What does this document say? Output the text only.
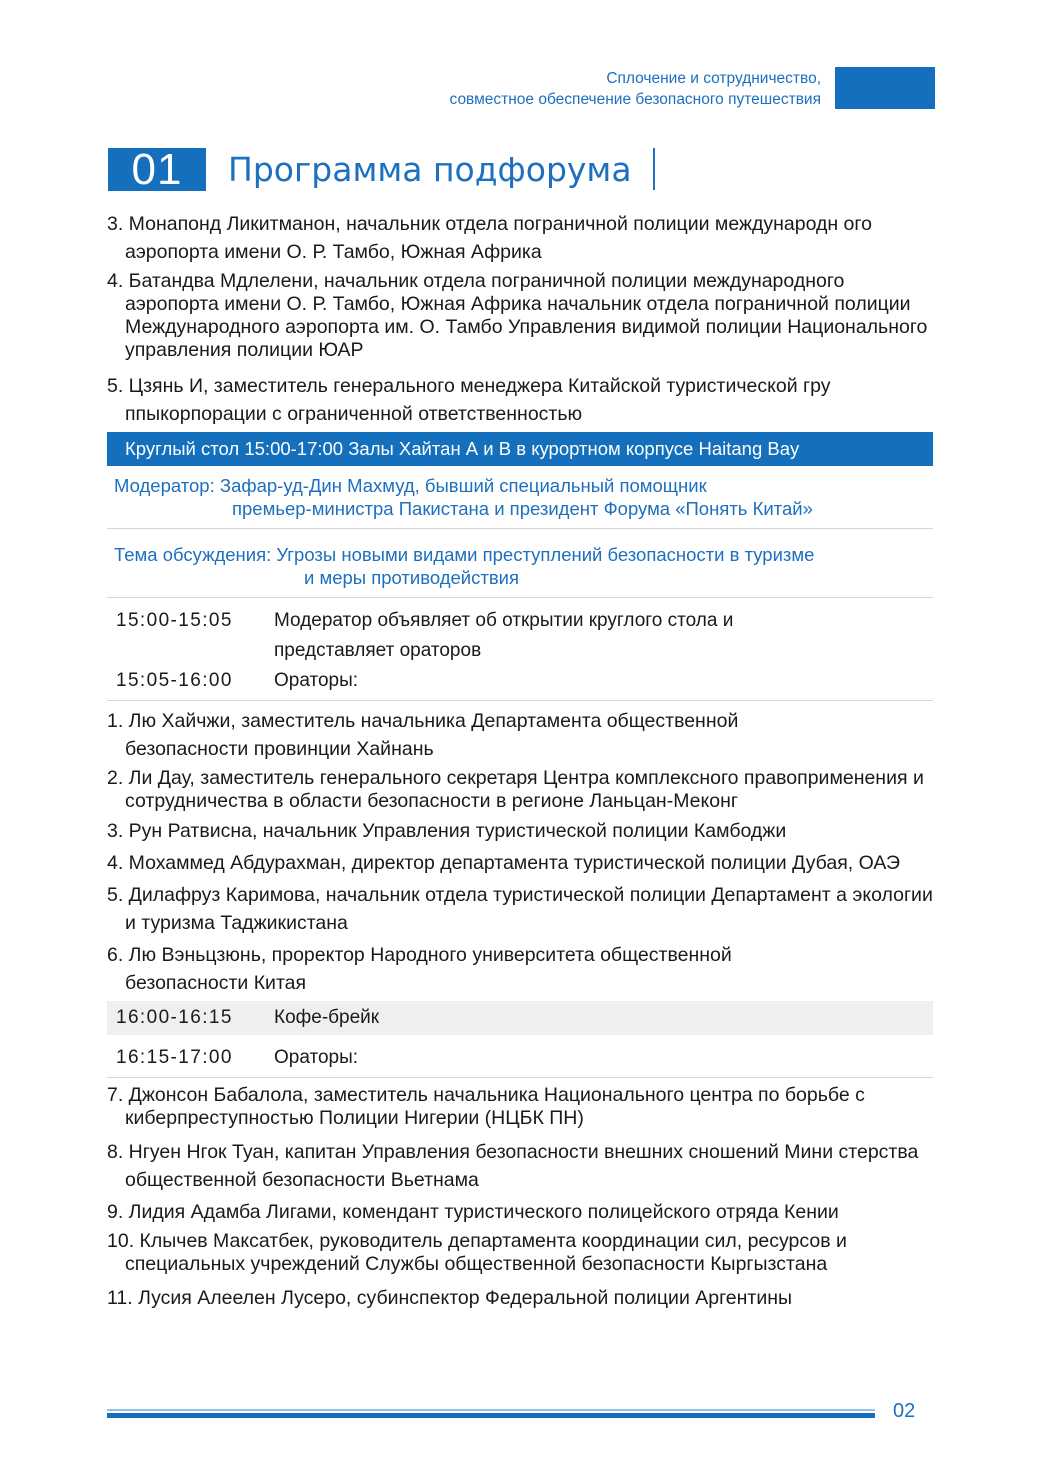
Сплочение и сотрудничество,
совместное обеспечение безопасного путешествия
01	Программа подфорума
3. Монапонд Ликитманон, начальник отдела пограничной полиции международн ого аэропорта имени О. Р. Тамбо, Южная Африка
4. Батандва Мдлелени, начальник отдела пограничной полиции международного аэропорта имени О. Р. Тамбо, Южная Африка начальник отдела пограничной полиции Международного аэропорта им. О. Тамбо Управления видимой полиции Национального управления полиции ЮАР
5. Цзянь И, заместитель генерального менеджера Китайской туристической гру ппыкорпорации с ограниченной ответственностью
Круглый стол 15:00-17:00 Залы Хайтан А и В в курортном корпусе Haitang Bay
Модератор: Зафар-уд-Дин Махмуд, бывший специальный помощник
премьер-министра Пакистана и президент Форума «Понять Китай»
Тема обсуждения: Угрозы новыми видами преступлений безопасности в туризме
и меры противодействия
15:00-15:05	Модератор объявляет об открытии круглого стола и представляет ораторов
15:05-16:00	Ораторы:
1. Лю Хайчжи, заместитель начальника Департамента общественной безопасности провинции Хайнань
2. Ли Дау, заместитель генерального секретаря Центра комплексного правоприменения и сотрудничества в области безопасности в регионе Ланьцан-Меконг
3. Рун Ратвисна, начальник Управления туристической полиции Камбоджи
4. Мохаммед Абдурахман, директор департамента туристической полиции Дубая, ОАЭ
5. Дилафруз Каримова, начальник отдела туристической полиции Департамент а экологии и туризма Таджикистана
6. Лю Вэньцзюнь, проректор Народного университета общественной безопасности Китая
16:00-16:15	Кофе-брейк
16:15-17:00	Ораторы:
7. Джонсон Бабалола, заместитель начальника Национального центра по борьбе с киберпреступностью Полиции Нигерии (НЦБК ПН)
8. Нгуен Нгок Туан, капитан Управления безопасности внешних сношений Мини стерства общественной безопасности Вьетнама
9. Лидия Адамба Лигами, комендант туристического полицейского отряда Кении
10. Клычев Максатбек, руководитель департамента координации сил, ресурсов и специальных учреждений Службы общественной безопасности Кыргызстана
11. Лусия Алеелен Лусеро, субинспектор Федеральной полиции Аргентины
02
